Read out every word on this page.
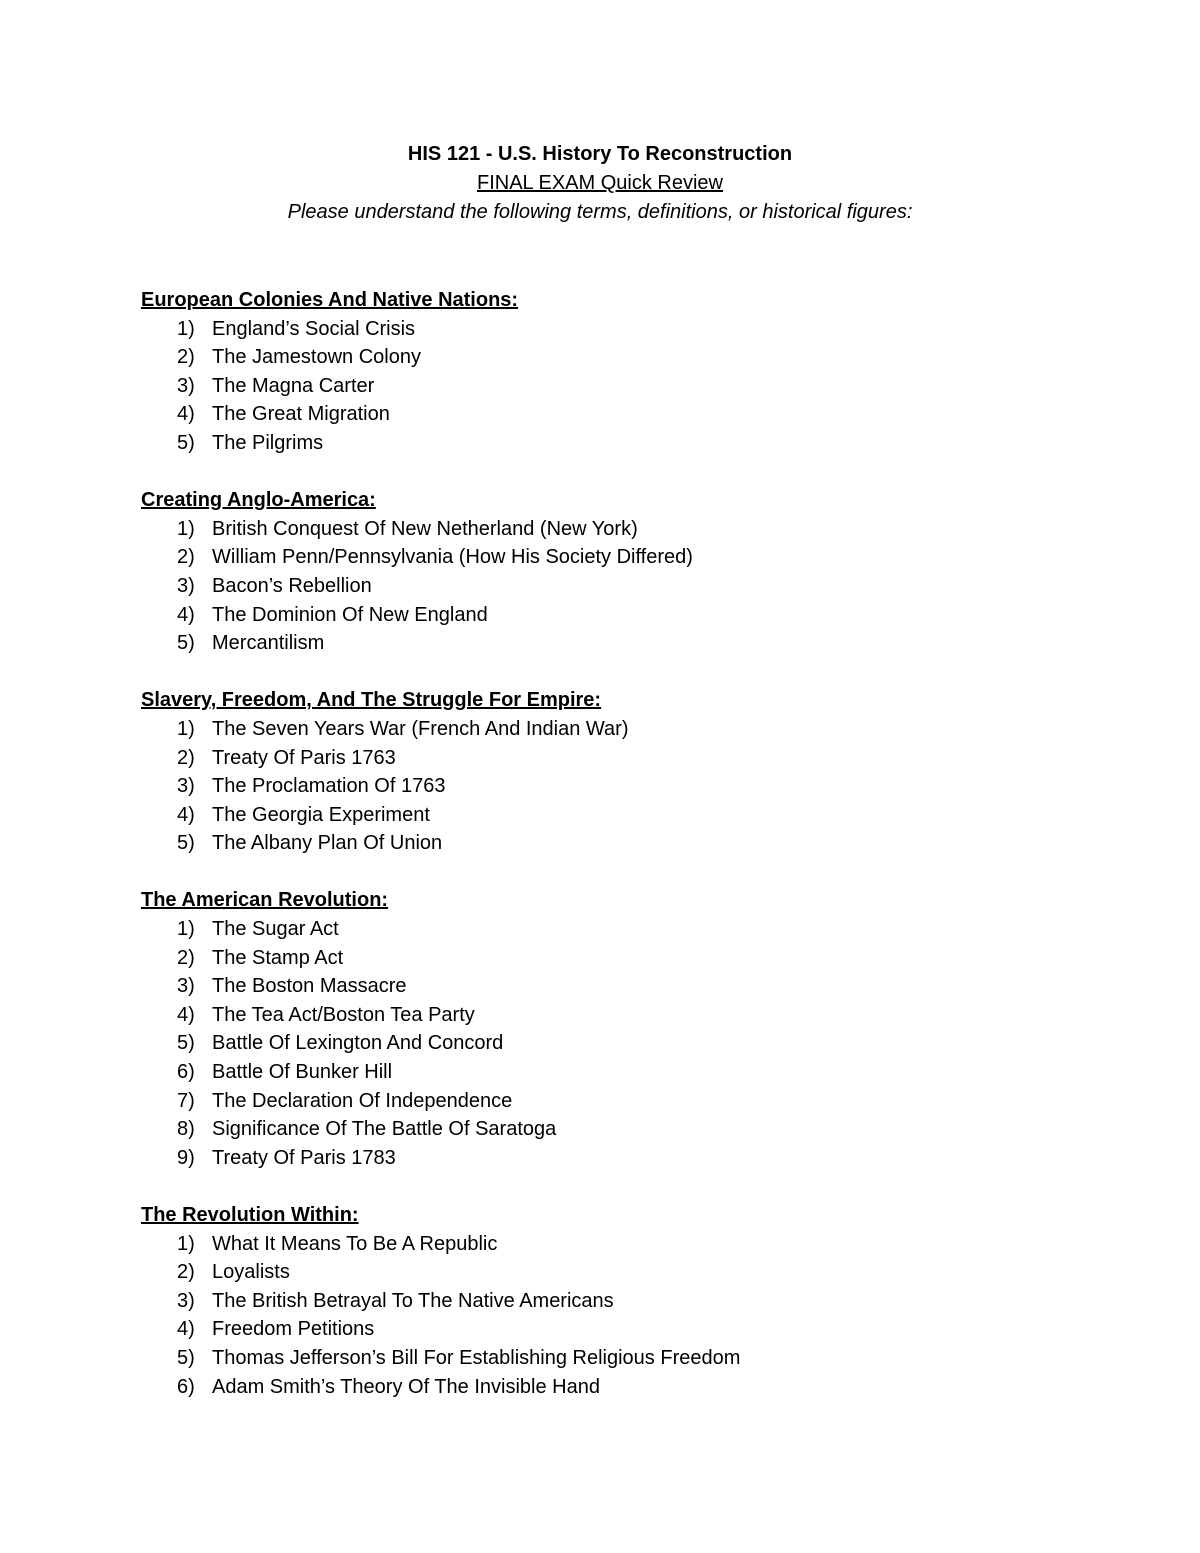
HIS 121 - U.S. History To Reconstruction
FINAL EXAM Quick Review
Please understand the following terms, definitions, or historical figures:
European Colonies And Native Nations:
1) England’s Social Crisis
2) The Jamestown Colony
3) The Magna Carter
4) The Great Migration
5) The Pilgrims
Creating Anglo-America:
1) British Conquest Of New Netherland (New York)
2) William Penn/Pennsylvania (How His Society Differed)
3) Bacon’s Rebellion
4) The Dominion Of New England
5) Mercantilism
Slavery, Freedom, And The Struggle For Empire:
1) The Seven Years War (French And Indian War)
2) Treaty Of Paris 1763
3) The Proclamation Of 1763
4) The Georgia Experiment
5) The Albany Plan Of Union
The American Revolution:
1) The Sugar Act
2) The Stamp Act
3) The Boston Massacre
4) The Tea Act/Boston Tea Party
5) Battle Of Lexington And Concord
6) Battle Of Bunker Hill
7) The Declaration Of Independence
8) Significance Of The Battle Of Saratoga
9) Treaty Of Paris 1783
The Revolution Within:
1) What It Means To Be A Republic
2) Loyalists
3) The British Betrayal To The Native Americans
4) Freedom Petitions
5) Thomas Jefferson’s Bill For Establishing Religious Freedom
6) Adam Smith’s Theory Of The Invisible Hand
